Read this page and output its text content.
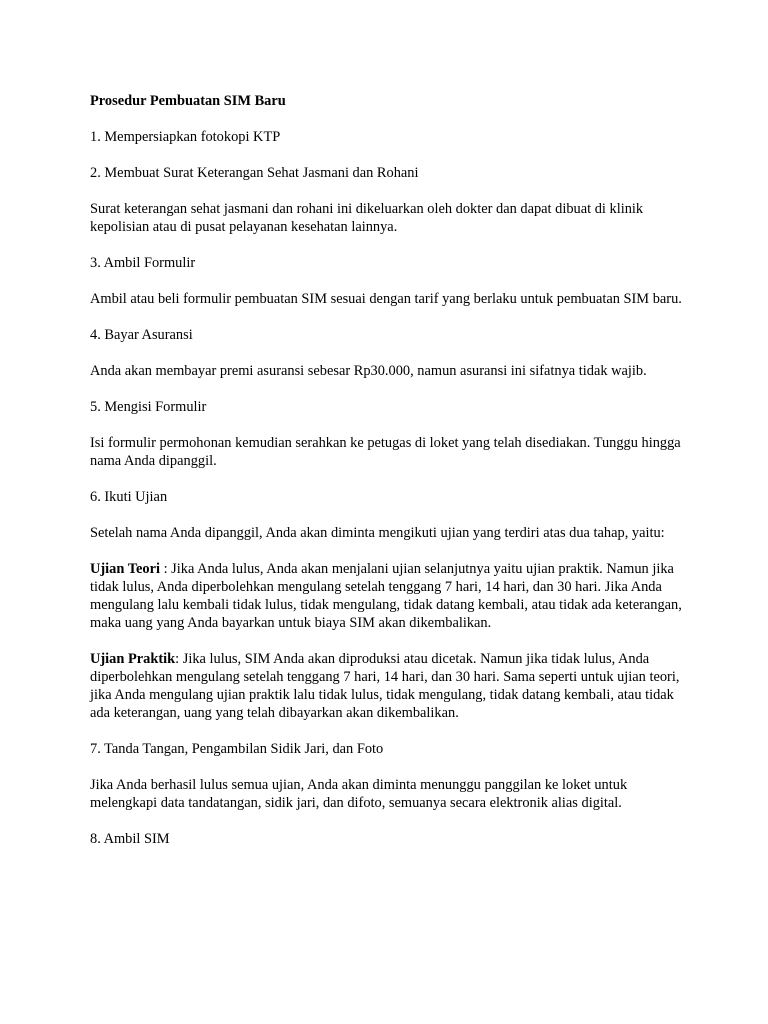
Prosedur Pembuatan SIM Baru

1. Mempersiapkan fotokopi KTP

2. Membuat Surat Keterangan Sehat Jasmani dan Rohani

Surat keterangan sehat jasmani dan rohani ini dikeluarkan oleh dokter dan dapat dibuat di klinik kepolisian atau di pusat pelayanan kesehatan lainnya.

3. Ambil Formulir

Ambil atau beli formulir pembuatan SIM sesuai dengan tarif yang berlaku untuk pembuatan SIM baru.

4. Bayar Asuransi

Anda akan membayar premi asuransi sebesar Rp30.000, namun asuransi ini sifatnya tidak wajib.

5. Mengisi Formulir

Isi formulir permohonan kemudian serahkan ke petugas di loket yang telah disediakan. Tunggu hingga nama Anda dipanggil.

6. Ikuti Ujian

Setelah nama Anda dipanggil, Anda akan diminta mengikuti ujian yang terdiri atas dua tahap, yaitu:

Ujian Teori : Jika Anda lulus, Anda akan menjalani ujian selanjutnya yaitu ujian praktik. Namun jika tidak lulus, Anda diperbolehkan mengulang setelah tenggang 7 hari, 14 hari, dan 30 hari. Jika Anda mengulang lalu kembali tidak lulus, tidak mengulang, tidak datang kembali, atau tidak ada keterangan, maka uang yang Anda bayarkan untuk biaya SIM akan dikembalikan.

Ujian Praktik: Jika lulus, SIM Anda akan diproduksi atau dicetak. Namun jika tidak lulus, Anda diperbolehkan mengulang setelah tenggang 7 hari, 14 hari, dan 30 hari. Sama seperti untuk ujian teori, jika Anda mengulang ujian praktik lalu tidak lulus, tidak mengulang, tidak datang kembali, atau tidak ada keterangan, uang yang telah dibayarkan akan dikembalikan.

7. Tanda Tangan, Pengambilan Sidik Jari, dan Foto

Jika Anda berhasil lulus semua ujian, Anda akan diminta menunggu panggilan ke loket untuk melengkapi data tandatangan, sidik jari, dan difoto, semuanya secara elektronik alias digital.

8. Ambil SIM
